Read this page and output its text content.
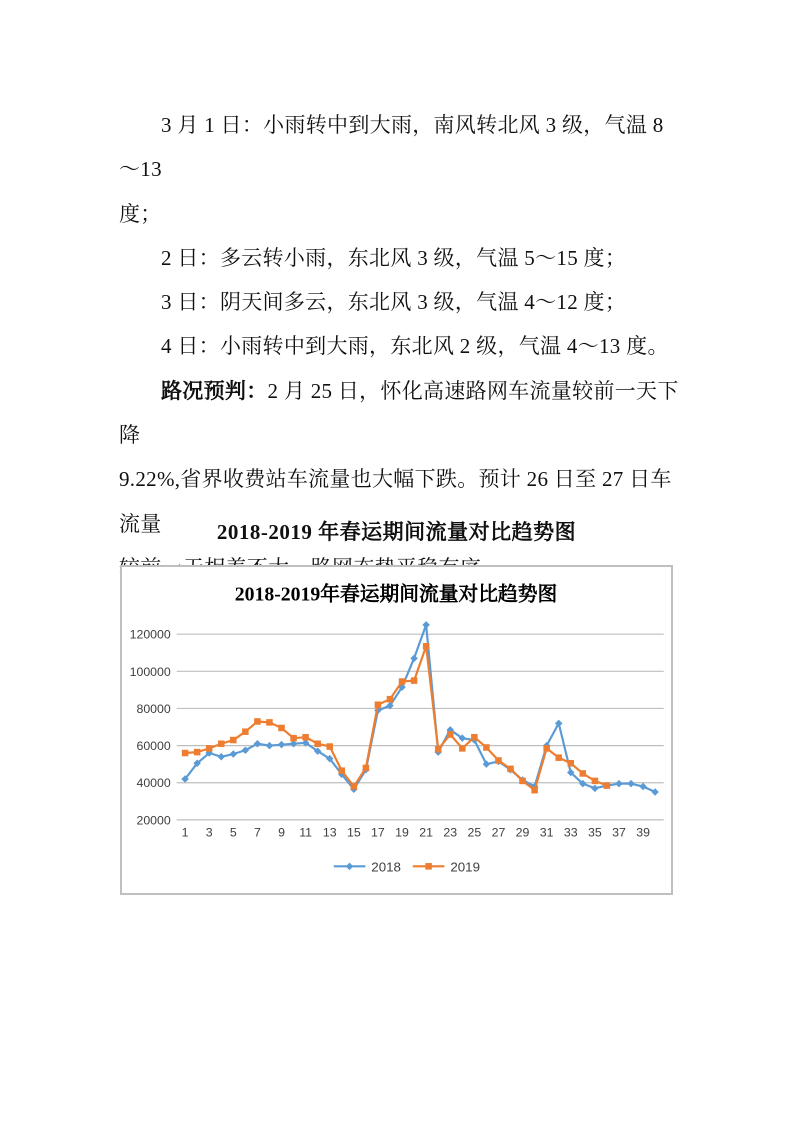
3 月 1 日：小雨转中到大雨，南风转北风 3 级，气温 8～13
度；
2 日：多云转小雨，东北风 3 级，气温 5～15 度；
3 日：阴天间多云，东北风 3 级，气温 4～12 度；
4 日：小雨转中到大雨，东北风 2 级，气温 4～13 度。
路况预判：2 月 25 日，怀化高速路网车流量较前一天下降
9.22%,省界收费站车流量也大幅下跌。预计 26 日至 27 日车流量	2018-2019 年春运期间流量对比趋势图
2018-2019年春运期间流量对比趋势图
20000
40000
60000
80000
100000
120000
1 3 5 7 9 11 13 15 17 19 21 23 25 27 29 31 33 35 37 39
2018	2019
